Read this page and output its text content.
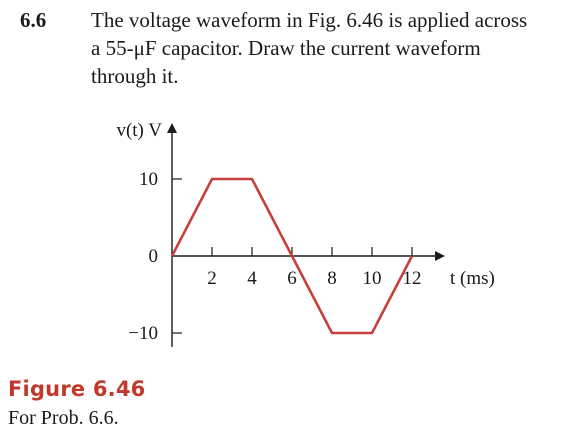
6.6 The voltage waveform in Fig. 6.46 is applied across
a 55-μF capacitor. Draw the current waveform
through it.
2 4 6 8 10 12
10
0
−10
v(t) V
t (ms)
Figure 6.46
For Prob. 6.6.
